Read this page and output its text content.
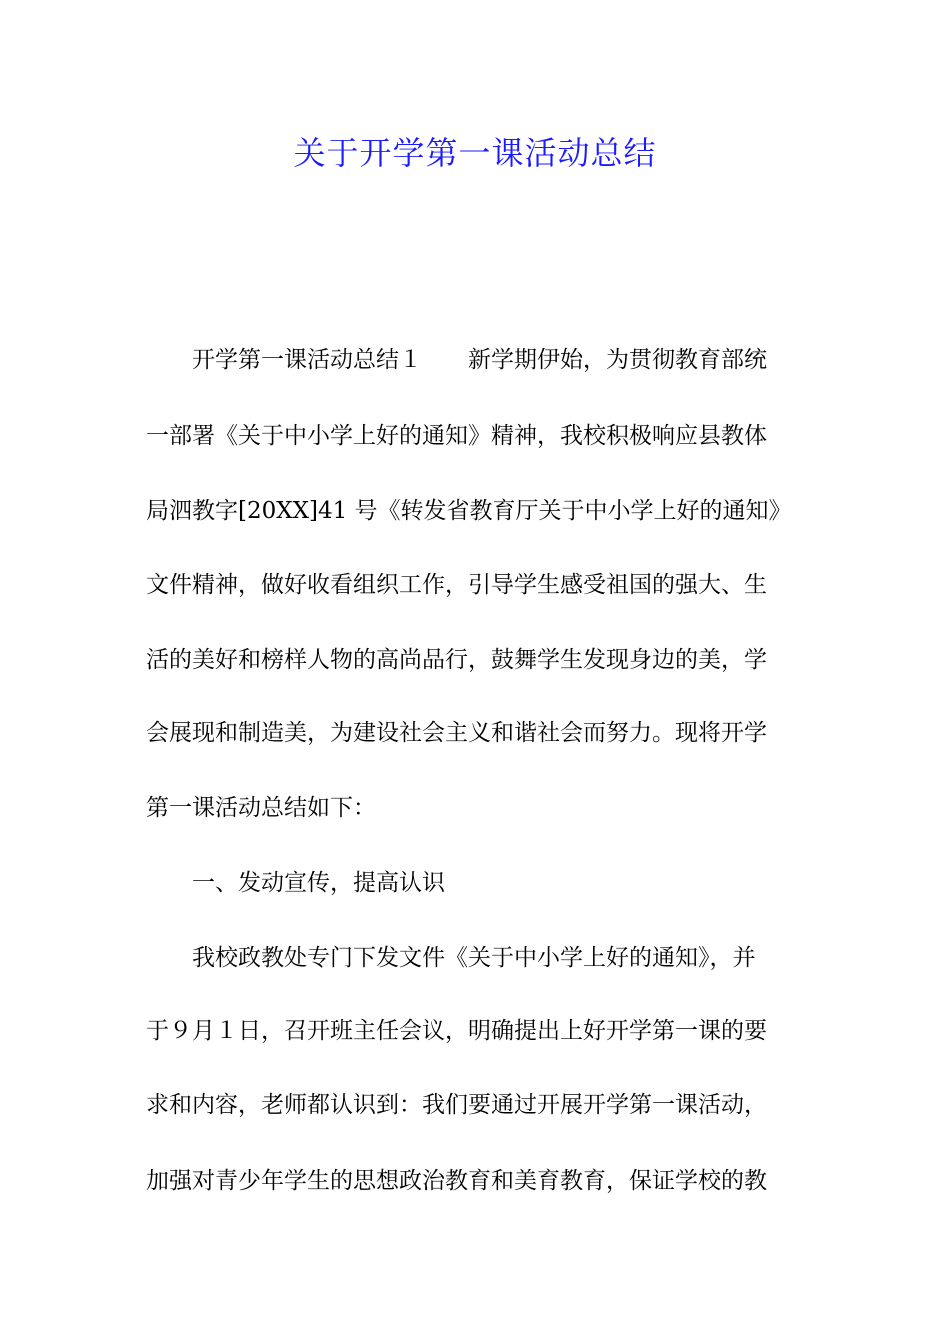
关于开学第一课活动总结

　　开学第一课活动总结１　　新学期伊始，为贯彻教育部统

一部署《关于中小学上好的通知》精神，我校积极响应县教体

局泗教字[20XX]41 号《转发省教育厅关于中小学上好的通知》

文件精神，做好收看组织工作，引导学生感受祖国的强大、生

活的美好和榜样人物的高尚品行，鼓舞学生发现身边的美，学

会展现和制造美，为建设社会主义和谐社会而努力。现将开学

第一课活动总结如下：

　　一、发动宣传，提高认识

　　我校政教处专门下发文件《关于中小学上好的通知》，并

于９月１日，召开班主任会议，明确提出上好开学第一课的要

求和内容，老师都认识到：我们要通过开展开学第一课活动，

加强对青少年学生的思想政治教育和美育教育，保证学校的教
